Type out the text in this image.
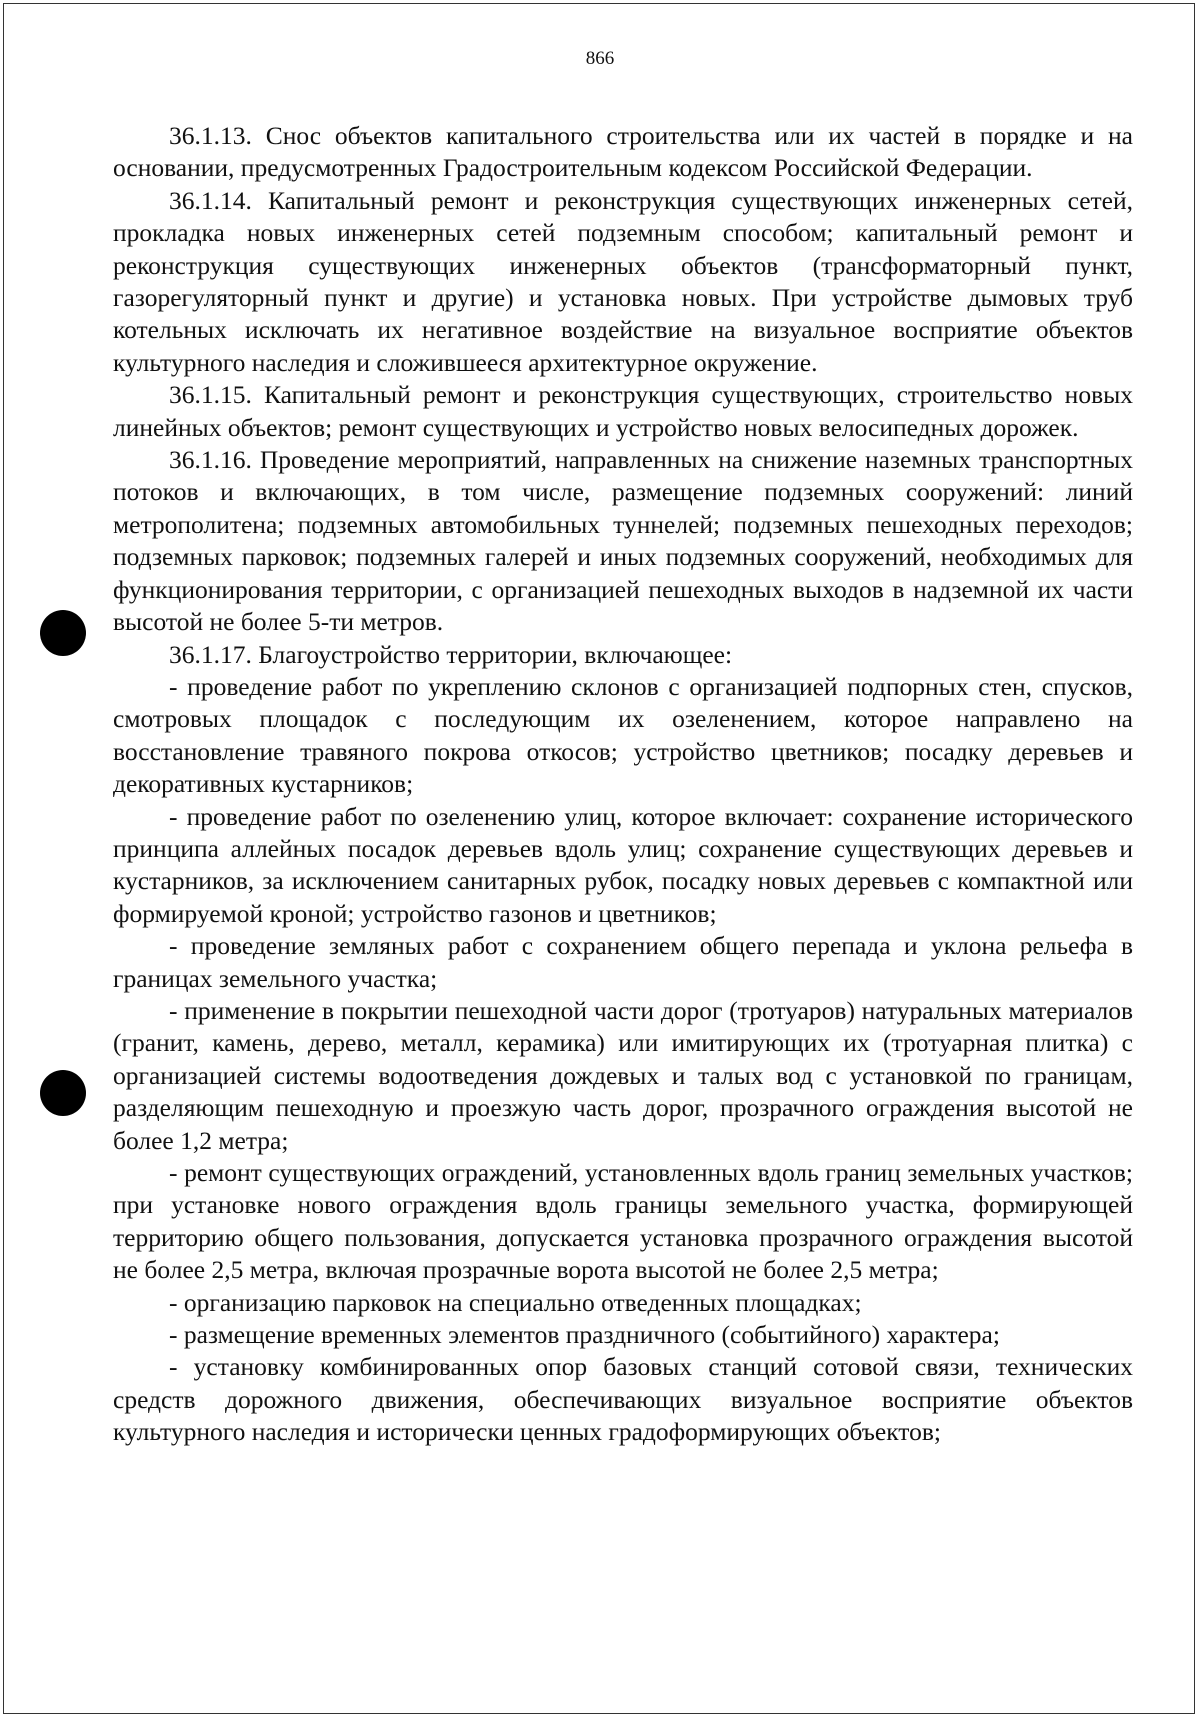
866

36.1.13. Снос объектов капитального строительства или их частей в порядке и на основании, предусмотренных Градостроительным кодексом Российской Федерации.

36.1.14. Капитальный ремонт и реконструкция существующих инженерных сетей, прокладка новых инженерных сетей подземным способом; капитальный ремонт и реконструкция существующих инженерных объектов (трансформаторный пункт, газорегуляторный пункт и другие) и установка новых. При устройстве дымовых труб котельных исключать их негативное воздействие на визуальное восприятие объектов культурного наследия и сложившееся архитектурное окружение.

36.1.15. Капитальный ремонт и реконструкция существующих, строительство новых линейных объектов; ремонт существующих и устройство новых велосипедных дорожек.

36.1.16. Проведение мероприятий, направленных на снижение наземных транспортных потоков и включающих, в том числе, размещение подземных сооружений: линий метрополитена; подземных автомобильных туннелей; подземных пешеходных переходов; подземных парковок; подземных галерей и иных подземных сооружений, необходимых для функционирования территории, с организацией пешеходных выходов в надземной их части высотой не более 5-ти метров.

36.1.17. Благоустройство территории, включающее:

- проведение работ по укреплению склонов с организацией подпорных стен, спусков, смотровых площадок с последующим их озеленением, которое направлено на восстановление травяного покрова откосов; устройство цветников; посадку деревьев и декоративных кустарников;

- проведение работ по озеленению улиц, которое включает: сохранение исторического принципа аллейных посадок деревьев вдоль улиц; сохранение существующих деревьев и кустарников, за исключением санитарных рубок, посадку новых деревьев с компактной или формируемой кроной; устройство газонов и цветников;

- проведение земляных работ с сохранением общего перепада и уклона рельефа в границах земельного участка;

- применение в покрытии пешеходной части дорог (тротуаров) натуральных материалов (гранит, камень, дерево, металл, керамика) или имитирующих их (тротуарная плитка) с организацией системы водоотведения дождевых и талых вод с установкой по границам, разделяющим пешеходную и проезжую часть дорог, прозрачного ограждения высотой не более 1,2 метра;

- ремонт существующих ограждений, установленных вдоль границ земельных участков; при установке нового ограждения вдоль границы земельного участка, формирующей территорию общего пользования, допускается установка прозрачного ограждения высотой не более 2,5 метра, включая прозрачные ворота высотой не более 2,5 метра;

- организацию парковок на специально отведенных площадках;

- размещение временных элементов праздничного (событийного) характера;

- установку комбинированных опор базовых станций сотовой связи, технических средств дорожного движения, обеспечивающих визуальное восприятие объектов культурного наследия и исторически ценных градоформирующих объектов;
